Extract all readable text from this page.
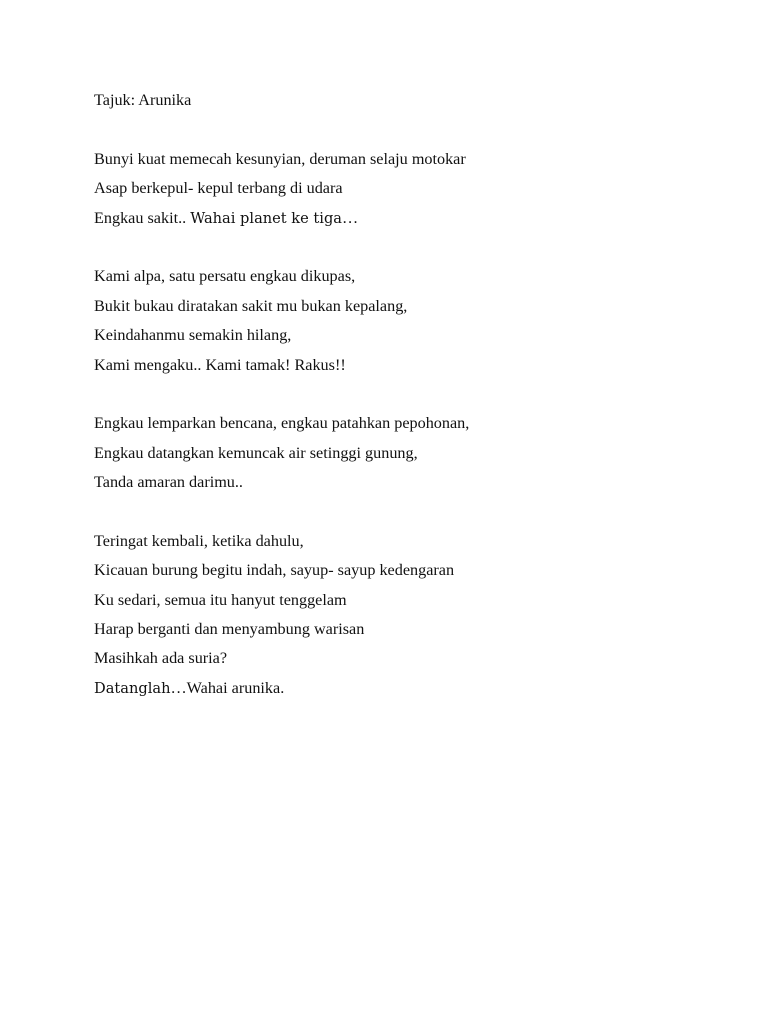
Tajuk: Arunika

Bunyi kuat memecah kesunyian, deruman selaju motokar

Asap berkepul- kepul terbang di udara

Engkau sakit.. Wahai planet ke tiga…

Kami alpa, satu persatu engkau dikupas,

Bukit bukau diratakan sakit mu bukan kepalang,

Keindahanmu semakin hilang,

Kami mengaku.. Kami tamak! Rakus!!

Engkau lemparkan bencana, engkau patahkan pepohonan,

Engkau datangkan kemuncak air setinggi gunung,

Tanda amaran darimu..

Teringat kembali, ketika dahulu,

Kicauan burung begitu indah, sayup- sayup kedengaran

Ku sedari, semua itu hanyut tenggelam

Harap berganti dan menyambung warisan

Masihkah ada suria?

Datanglah…Wahai arunika.
